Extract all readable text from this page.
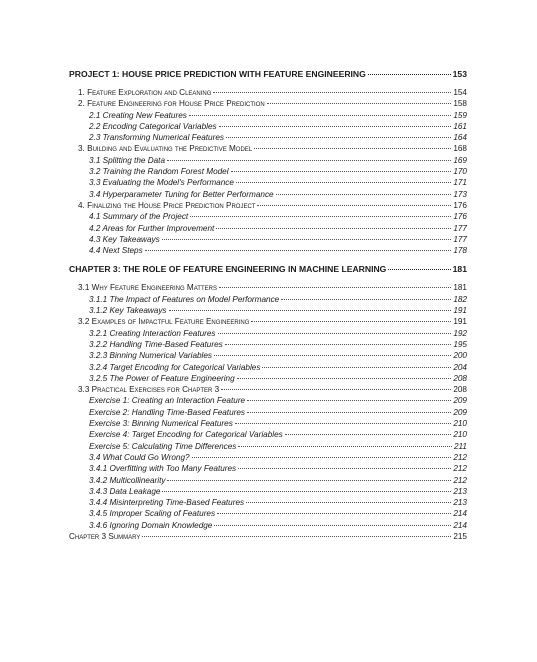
PROJECT 1: HOUSE PRICE PREDICTION WITH FEATURE ENGINEERING	153
1. Feature Exploration and Cleaning	154
2. Feature Engineering for House Price Prediction	158
2.1 Creating New Features	159
2.2 Encoding Categorical Variables	161
2.3 Transforming Numerical Features	164
3. Building and Evaluating the Predictive Model	168
3.1 Splitting the Data	169
3.2 Training the Random Forest Model	170
3.3 Evaluating the Model's Performance	171
3.4 Hyperparameter Tuning for Better Performance	173
4. Finalizing the House Price Prediction Project	176
4.1 Summary of the Project	176
4.2 Areas for Further Improvement	177
4.3 Key Takeaways	177
4.4 Next Steps	178
CHAPTER 3: THE ROLE OF FEATURE ENGINEERING IN MACHINE LEARNING	181
3.1 Why Feature Engineering Matters	181
3.1.1 The Impact of Features on Model Performance	182
3.1.2 Key Takeaways	191
3.2 Examples of Impactful Feature Engineering	191
3.2.1 Creating Interaction Features	192
3.2.2 Handling Time-Based Features	195
3.2.3 Binning Numerical Variables	200
3.2.4 Target Encoding for Categorical Variables	204
3.2.5 The Power of Feature Engineering	208
3.3 Practical Exercises for Chapter 3	208
Exercise 1: Creating an Interaction Feature	209
Exercise 2: Handling Time-Based Features	209
Exercise 3: Binning Numerical Features	210
Exercise 4: Target Encoding for Categorical Variables	210
Exercise 5: Calculating Time Differences	211
3.4 What Could Go Wrong?	212
3.4.1 Overfitting with Too Many Features	212
3.4.2 Multicollinearity	212
3.4.3 Data Leakage	213
3.4.4 Misinterpreting Time-Based Features	213
3.4.5 Improper Scaling of Features	214
3.4.6 Ignoring Domain Knowledge	214
Chapter 3 Summary	215
